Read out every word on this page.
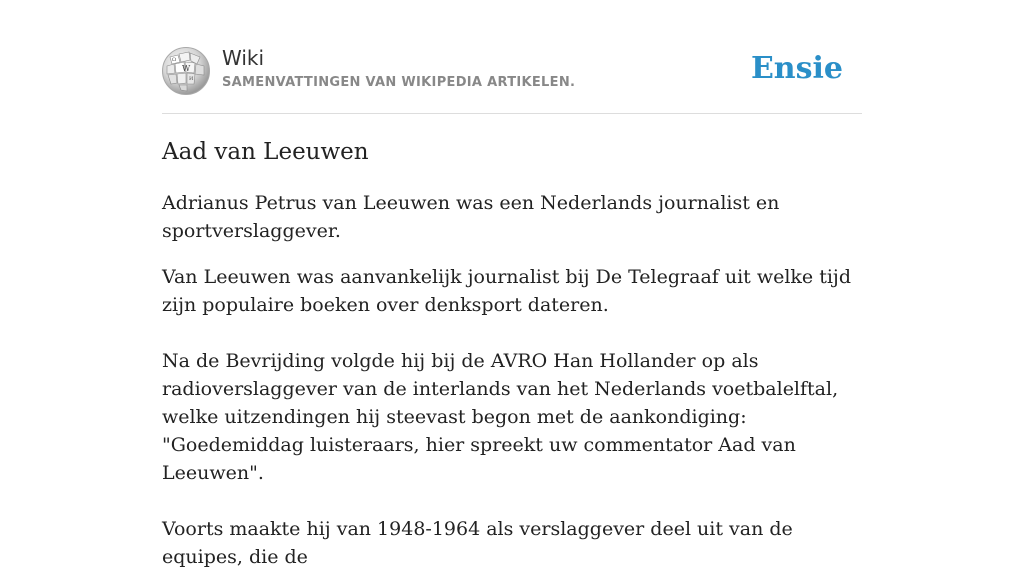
W
Ω
И
Wiki
SAMENVATTINGEN VAN WIKIPEDIA ARTIKELEN.	Ensie
Aad van Leeuwen

Adrianus Petrus van Leeuwen was een Nederlands journalist en sportverslaggever.

Van Leeuwen was aanvankelijk journalist bij De Telegraaf uit welke tijd zijn populaire boeken over denksport dateren.

Na de Bevrijding volgde hij bij de AVRO Han Hollander op als radioverslaggever van de interlands van het Nederlands voetbalelftal, welke uitzendingen hij steevast begon met de aankondiging: "Goedemiddag luisteraars, hier spreekt uw commentator Aad van Leeuwen".

Voorts maakte hij van 1948-1964 als verslaggever deel uit van de equipes, die de
